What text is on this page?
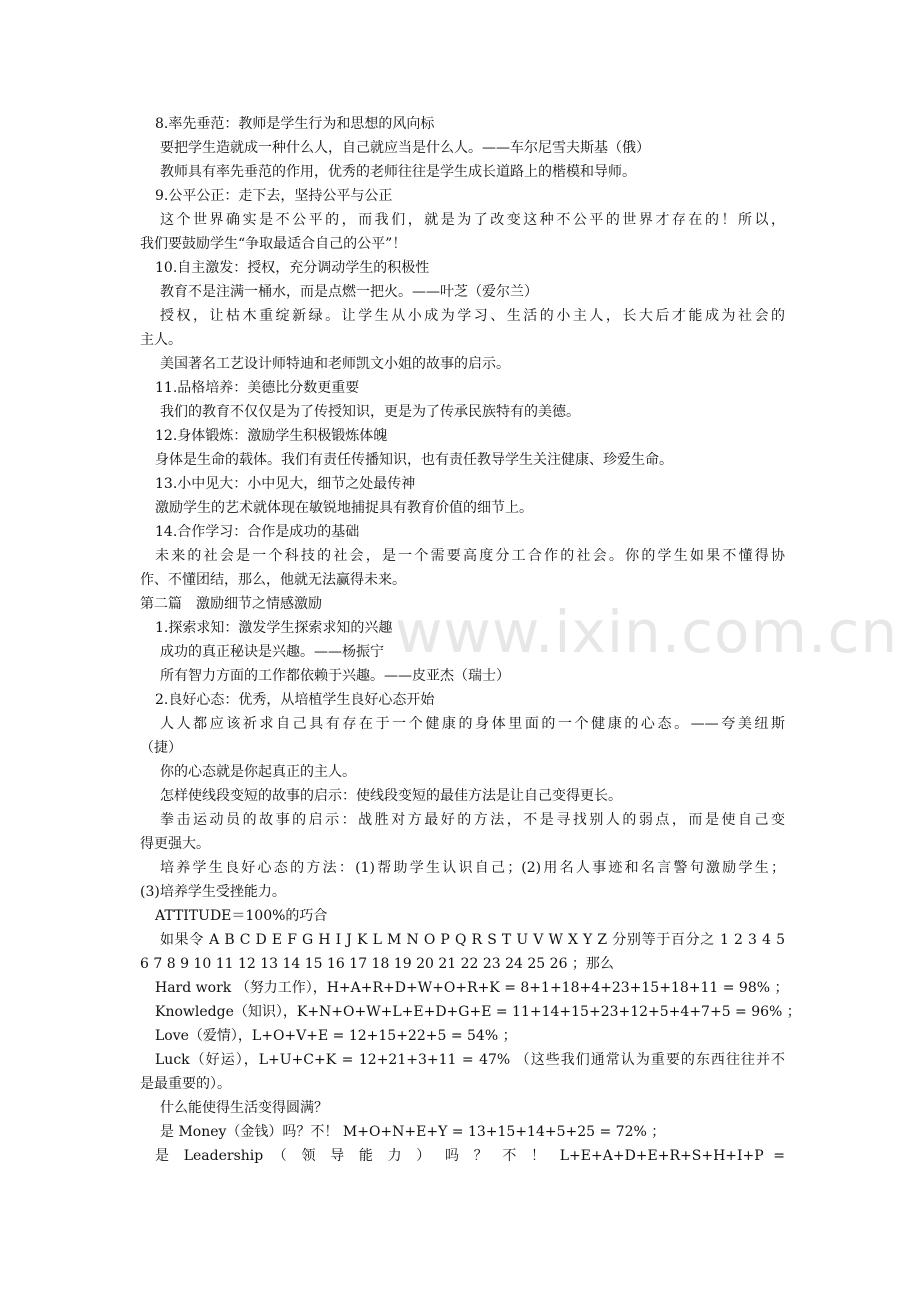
8.率先垂范：教师是学生行为和思想的风向标
要把学生造就成一种什么人，自己就应当是什么人。——车尔尼雪夫斯基（俄）
教师具有率先垂范的作用，优秀的老师往往是学生成长道路上的楷模和导师。
9.公平公正：走下去，坚持公平与公正
这个世界确实是不公平的，而我们，就是为了改变这种不公平的世界才存在的！所以，
我们要鼓励学生“争取最适合自己的公平”！
10.自主激发：授权，充分调动学生的积极性
教育不是注满一桶水，而是点燃一把火。——叶芝（爱尔兰）
授权，让枯木重绽新绿。让学生从小成为学习、生活的小主人，长大后才能成为社会的
主人。
美国著名工艺设计师特迪和老师凯文小姐的故事的启示。
11.品格培养：美德比分数更重要
我们的教育不仅仅是为了传授知识，更是为了传承民族特有的美德。
12.身体锻炼：激励学生积极锻炼体魄
身体是生命的载体。我们有责任传播知识，也有责任教导学生关注健康、珍爱生命。
13.小中见大：小中见大，细节之处最传神
激励学生的艺术就体现在敏锐地捕捉具有教育价值的细节上。
14.合作学习：合作是成功的基础
未来的社会是一个科技的社会，是一个需要高度分工合作的社会。你的学生如果不懂得协
作、不懂团结，那么，他就无法赢得未来。
第二篇　激励细节之情感激励
1.探索求知：激发学生探索求知的兴趣
成功的真正秘诀是兴趣。——杨振宁
所有智力方面的工作都依赖于兴趣。——皮亚杰（瑞士）
2.良好心态：优秀，从培植学生良好心态开始
人人都应该祈求自己具有存在于一个健康的身体里面的一个健康的心态。——夸美纽斯
（捷）
你的心态就是你起真正的主人。
怎样使线段变短的故事的启示：使线段变短的最佳方法是让自己变得更长。
拳击运动员的故事的启示：战胜对方最好的方法，不是寻找别人的弱点，而是使自己变
得更强大。
培养学生良好心态的方法：(1)帮助学生认识自己；(2)用名人事迹和名言警句激励学生；
(3)培养学生受挫能力。
ATTITUDE＝100%的巧合
如果令 A B C D E F G H I J K L M N O P Q R S T U V W X Y Z 分别等于百分之 1 2 3 4 5
6 7 8 9 10 11 12 13 14 15 16 17 18 19 20 21 22 23 24 25 26 ；那么
Hard work （努力工作），H+A+R+D+W+O+R+K = 8+1+18+4+23+15+18+11 = 98% ；
Knowledge（知识），K+N+O+W+L+E+D+G+E = 11+14+15+23+12+5+4+7+5 = 96% ；
Love（爱情），L+O+V+E = 12+15+22+5 = 54% ；
Luck（好运），L+U+C+K = 12+21+3+11 = 47% （这些我们通常认为重要的东西往往并不
是最重要的）。
什么能使得生活变得圆满？
是 Money（金钱）吗？不！ M+O+N+E+Y = 13+15+14+5+25 = 72% ；
是 Leadership （ 领 导 能 力 ） 吗 ？ 不 ！ L+E+A+D+E+R+S+H+I+P =
www.ixin.com.cn
